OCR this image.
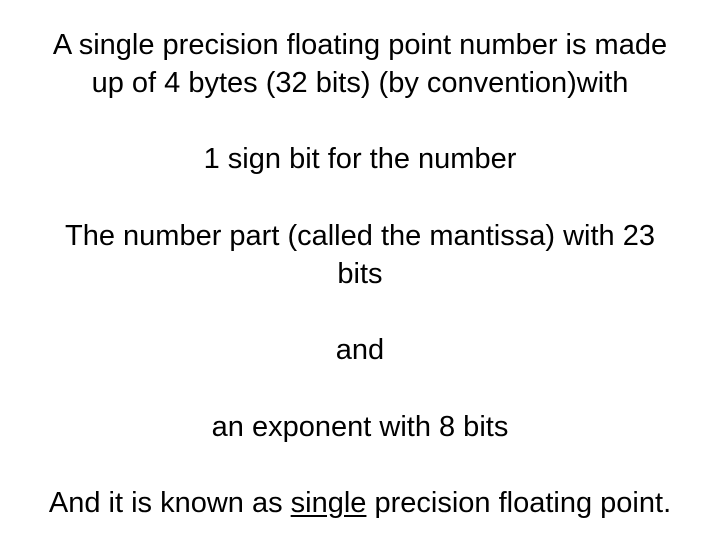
A single precision floating point number is made
up of 4 bytes (32 bits) (by convention)with
1 sign bit for the number
The number part (called the mantissa) with 23
bits
and
an exponent with 8 bits
And it is known as single precision floating point.
